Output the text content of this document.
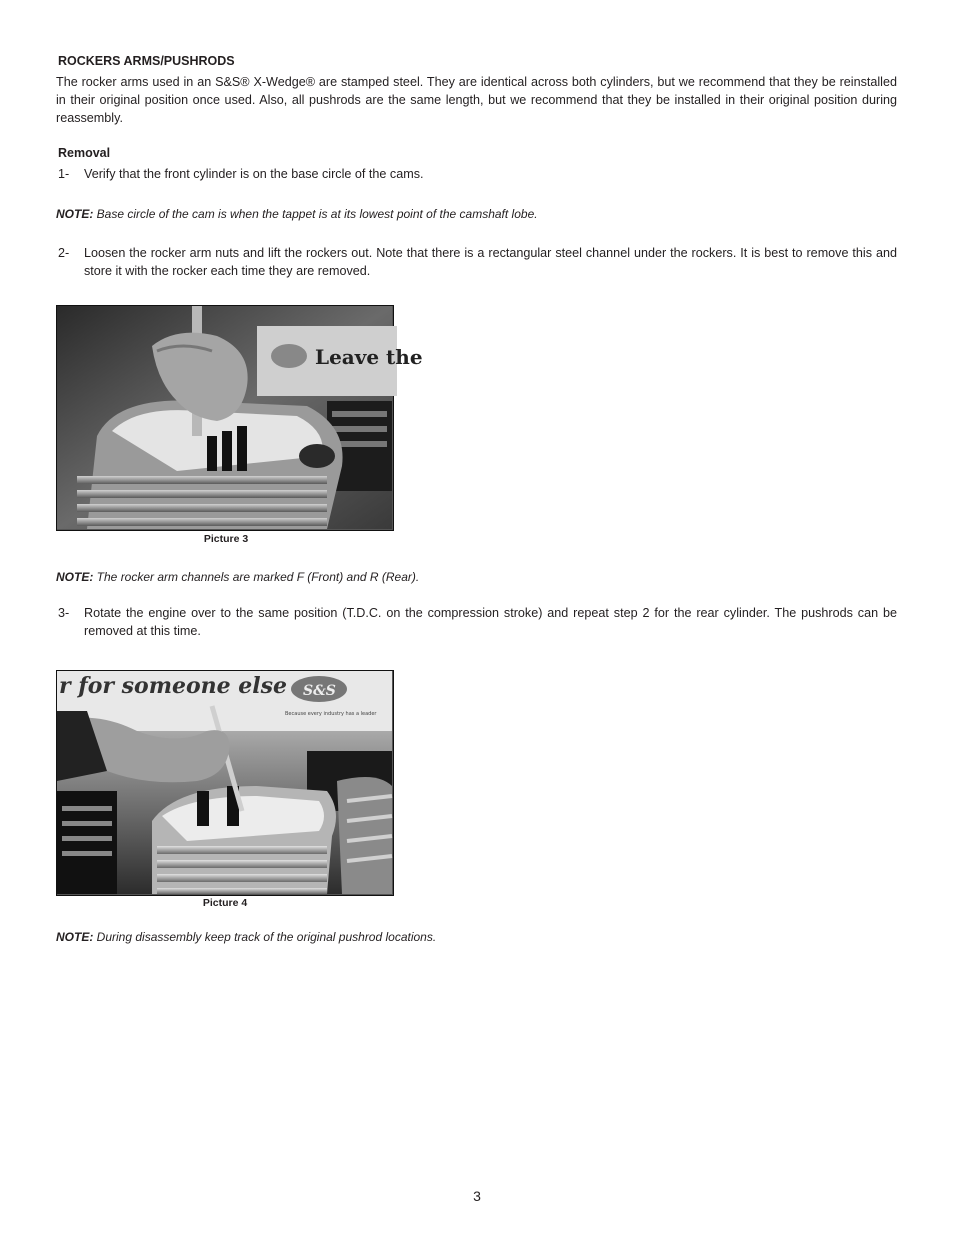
ROCKERS ARMS/PUSHRODS
The rocker arms used in an S&S® X-Wedge® are stamped steel. They are identical across both cylinders, but we recommend that they be reinstalled in their original position once used. Also, all pushrods are the same length, but we recommend that they be installed in their original position during reassembly.
Removal
1- Verify that the front cylinder is on the base circle of the cams.
NOTE: Base circle of the cam is when the tappet is at its lowest point of the camshaft lobe.
2- Loosen the rocker arm nuts and lift the rockers out. Note that there is a rectangular steel channel under the rockers. It is best to remove this and store it with the rocker each time they are removed.
Leave the
Picture 3
NOTE: The rocker arm channels are marked F (Front) and R (Rear).
3- Rotate the engine over to the same position (T.D.C. on the compression stroke) and repeat step 2 for the rear cylinder. The pushrods can be removed at this time.
r for someone else S&S
Because every industry has a leader
Picture 4
NOTE: During disassembly keep track of the original pushrod locations.
3
